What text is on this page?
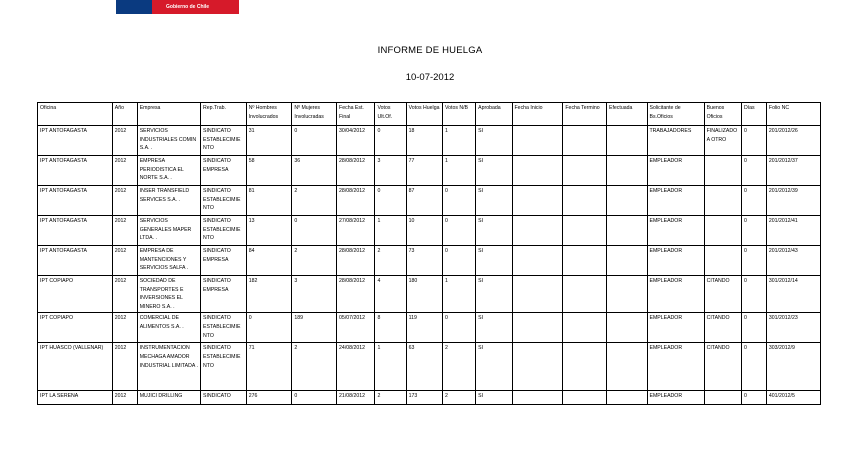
Gobierno de Chile
INFORME DE HUELGA
10-07-2012
Oficina	Año	Empresa	Rep.Trab.	Nº Hombres Involucrados	Nº Mujeres Involucradas	Fecha Est. Final	Votos Ult.Of.	Votos Huelga	Votos N/B	Aprobada	Fecha Inicio	Fecha Termino	Efectuada	Solicitante de Bs.Oficios	Buenos Oficios	Días	Folio NC
IPT ANTOFAGASTA	2012	SERVICIOS INDUSTRIALES COMIN S.A. .	SINDICATO ESTABLECIMIENTO	31	0	30/04/2012	0	18	1	SI				TRABAJADORES	FINALIZADO A OTRO	0	201/2012/26
IPT ANTOFAGASTA	2012	EMPRESA PERIODISTICA EL NORTE S.A. .	SINDICATO EMPRESA	58	36	28/08/2012	3	77	1	SI				EMPLEADOR		0	201/2012/37
IPT ANTOFAGASTA	2012	INSER TRANSFIELD SERVICES S.A. .	SINDICATO ESTABLECIMIENTO	81	2	28/08/2012	0	87	0	SI				EMPLEADOR		0	201/2012/39
IPT ANTOFAGASTA	2012	SERVICIOS GENERALES MAPER LTDA. .	SINDICATO ESTABLECIMIENTO	13	0	27/08/2012	1	10	0	SI				EMPLEADOR		0	201/2012/41
IPT ANTOFAGASTA	2012	EMPRESA DE MANTENCIONES Y SERVICIOS SALFA .	SINDICATO EMPRESA	84	2	28/08/2012	2	73	0	SI				EMPLEADOR		0	201/2012/43
IPT COPIAPO	2012	SOCIEDAD DE TRANSPORTES E INVERSIONES EL MINERO S.A. .	SINDICATO EMPRESA	182	3	28/08/2012	4	180	1	SI				EMPLEADOR	CITANDO	0	301/2012/14
IPT COPIAPO	2012	COMERCIAL DE ALIMENTOS S.A. .	SINDICATO ESTABLECIMIENTO	0	189	05/07/2012	8	119	0	SI				EMPLEADOR	CITANDO	0	301/2012/23
IPT HUASCO (VALLENAR)	2012	INSTRUMENTACION MECHAGA AMADOR INDUSTRIAL LIMITADA .	SINDICATO ESTABLECIMIENTO	71	2	24/08/2012	1	63	2	SI				EMPLEADOR	CITANDO	0	303/2012/9
IPT LA SERENA	2012	MUJICI DRILLING	SINDICATO	276	0	21/08/2012	2	173	2	SI				EMPLEADOR		0	401/2012/5
